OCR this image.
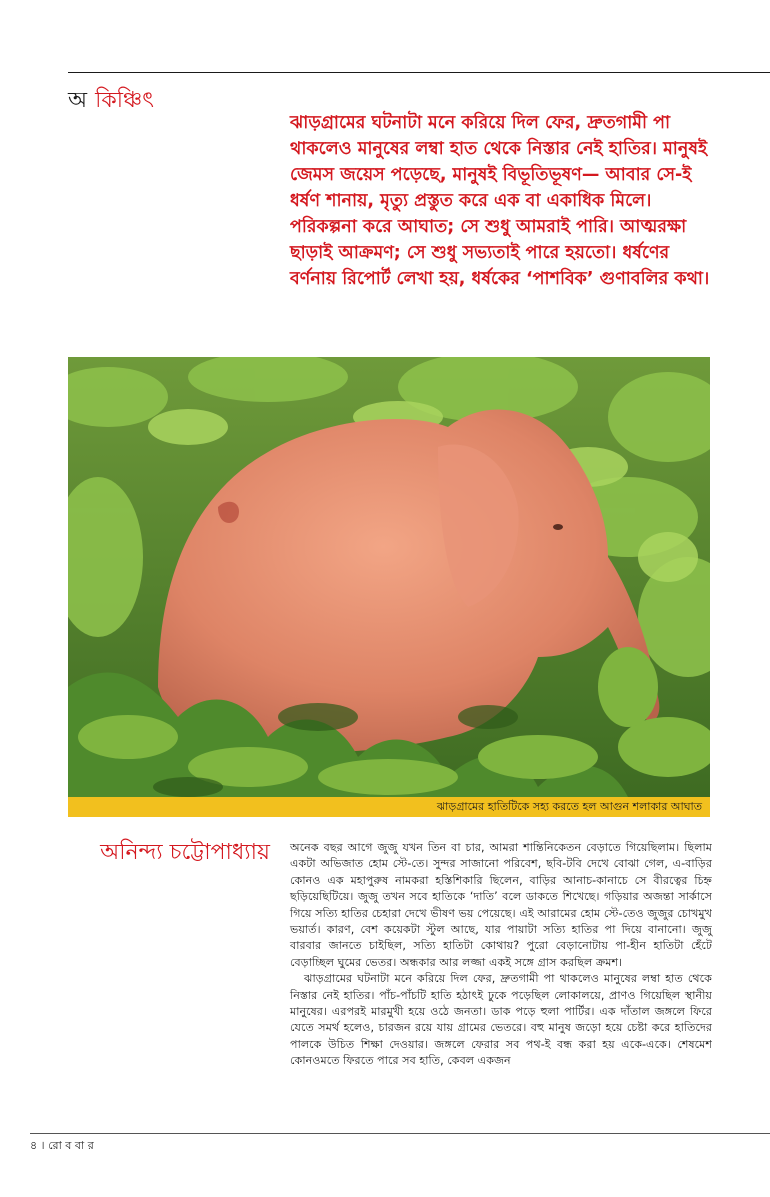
অ কিঞ্চিৎ

ঝাড়গ্রামের ঘটনাটা মনে করিয়ে দিল ফের, দ্রুতগামী পা থাকলেও মানুষের লম্বা হাত থেকে নিস্তার নেই হাতির। মানুষই জেমস জয়েস পড়েছে, মানুষই বিভূতিভূষণ— আবার সে-ই ধর্ষণ শানায়, মৃত্যু প্রস্তুত করে এক বা একাধিক মিলে। পরিকল্পনা করে আঘাত; সে শুধু আমরাই পারি। আত্মরক্ষা ছাড়াই আক্রমণ; সে শুধু সভ্যতাই পারে হয়তো। ধর্ষণের বর্ণনায় রিপোর্ট লেখা হয়, ধর্ষকের ‘পাশবিক’ গুণাবলির কথা।

ঝাড়গ্রামের হাতিটিকে সহ্য করতে হল আগুন শলাকার আঘাত
অনিন্দ্য চট্টোপাধ্যায় অনেক বছর আগে জুজু যখন তিন বা চার, আমরা শান্তিনিকেতন বেড়াতে গিয়েছিলাম। ছিলাম একটা অভিজাত হোম স্টে-তে। সুন্দর সাজানো পরিবেশ, ছবি-টবি দেখে বোঝা গেল, এ-বাড়ির কোনও এক মহাপুরুষ নামকরা হস্তিশিকারি ছিলেন, বাড়ির আনাচ-কানাচে সে বীরত্বের চিহ্ন ছড়িয়েছিটিয়ে। জুজু তখন সবে হাতিকে ‘দাতি’ বলে ডাকতে শিখেছে। গড়িয়ার অজন্তা সার্কাসে গিয়ে সত্যি হাতির চেহারা দেখে ভীষণ ভয় পেয়েছে। এই আরামের হোম স্টে-তেও জুজুর চোখমুখ ভয়ার্ত। কারণ, বেশ কয়েকটা স্টুল আছে, যার পায়াটা সত্যি হাতির পা দিয়ে বানানো। জুজু বারবার জানতে চাইছিল, সত্যি হাতিটা কোথায়? পুরো বেড়ানোটায় পা-হীন হাতিটা হেঁটে বেড়াচ্ছিল ঘুমের ভেতর। অন্ধকার আর লজ্জা একই সঙ্গে গ্রাস করছিল ক্রমশ।

ঝাড়গ্রামের ঘটনাটা মনে করিয়ে দিল ফের, দ্রুতগামী পা থাকলেও মানুষের লম্বা হাত থেকে নিস্তার নেই হাতির। পাঁচ-পাঁচটি হাতি হঠাৎই ঢুকে পড়েছিল লোকালয়ে, প্রাণও গিয়েছিল স্থানীয় মানুষের। এরপরই মারমুখী হয়ে ওঠে জনতা। ডাক পড়ে হুলা পার্টির। এক দাঁতাল জঙ্গলে ফিরে যেতে সমর্থ হলেও, চারজন রয়ে যায় গ্রামের ভেতরে। বহু মানুষ জড়ো হয়ে চেষ্টা করে হাতিদের পালকে উচিত শিক্ষা দেওয়ার। জঙ্গলে ফেরার সব পথ-ই বন্ধ করা হয় একে-একে। শেষমেশ কোনওমতে ফিরতে পারে সব হাতি, কেবল একজন

৪ । রো ব বা র
